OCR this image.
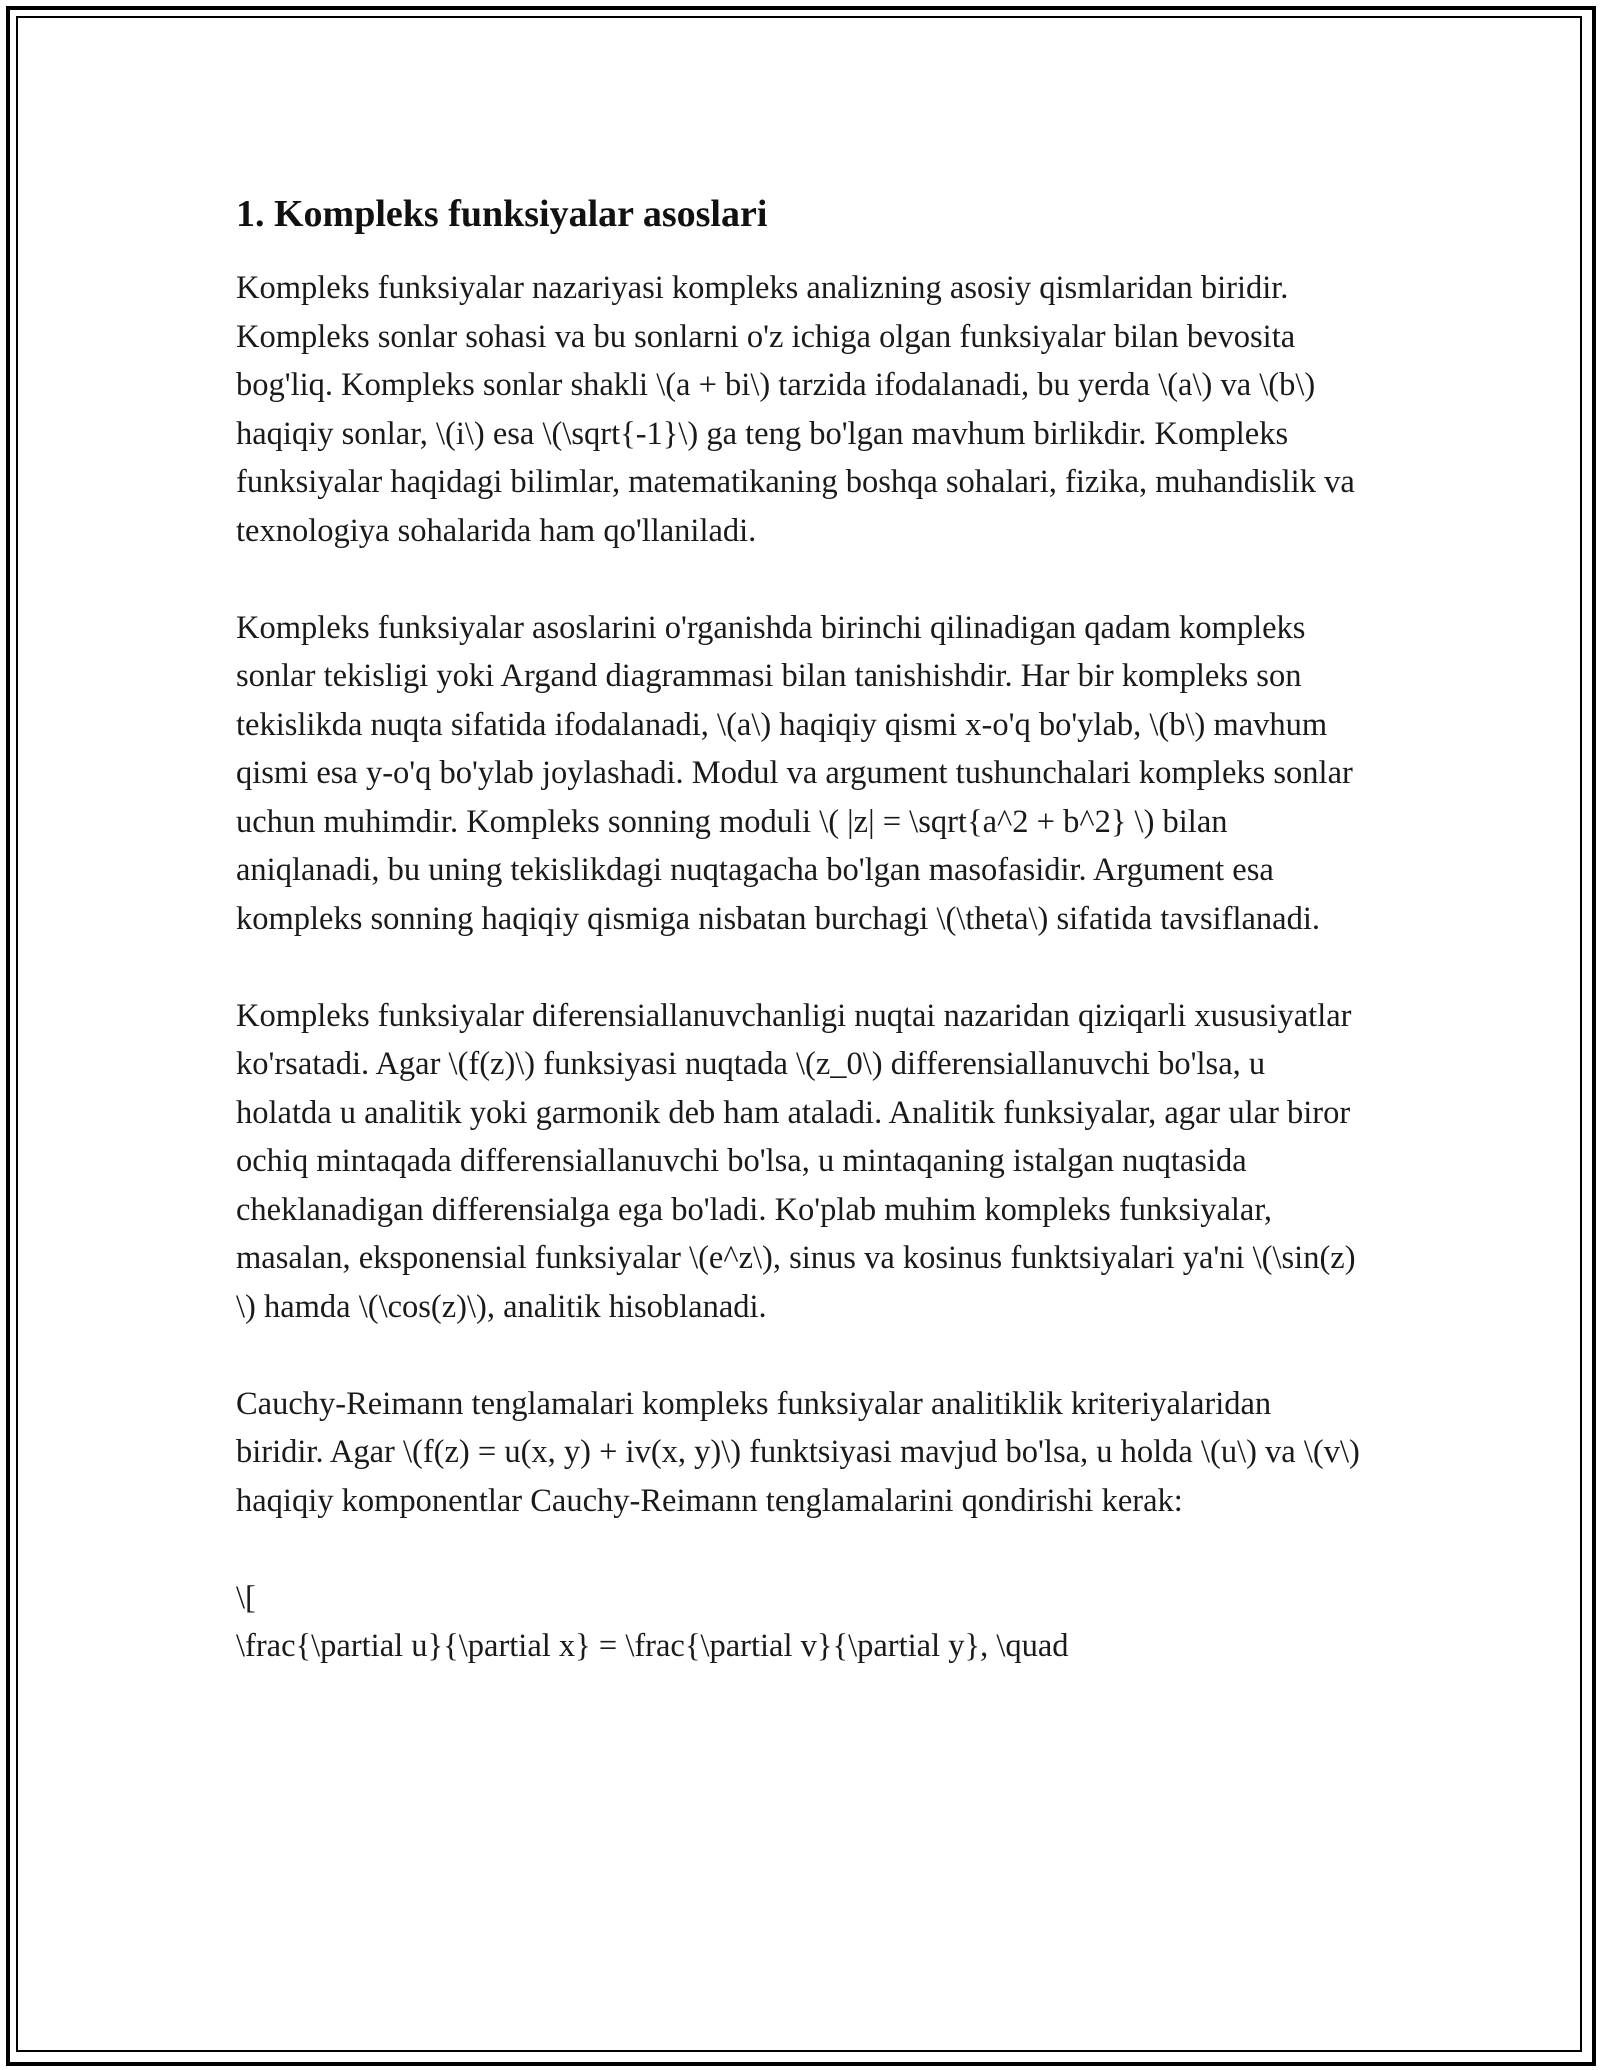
1. Kompleks funksiyalar asoslari

Kompleks funksiyalar nazariyasi kompleks analizning asosiy qismlaridan biridir. Kompleks sonlar sohasi va bu sonlarni o'z ichiga olgan funksiyalar bilan bevosita bog'liq. Kompleks sonlar shakli \(a + bi\) tarzida ifodalanadi, bu yerda \(a\) va \(b\) haqiqiy sonlar, \(i\) esa \(\sqrt{-1}\) ga teng bo'lgan mavhum birlikdir. Kompleks funksiyalar haqidagi bilimlar, matematikaning boshqa sohalari, fizika, muhandislik va texnologiya sohalarida ham qo'llaniladi.

Kompleks funksiyalar asoslarini o'rganishda birinchi qilinadigan qadam kompleks sonlar tekisligi yoki Argand diagrammasi bilan tanishishdir. Har bir kompleks son tekislikda nuqta sifatida ifodalanadi, \(a\) haqiqiy qismi x-o'q bo'ylab, \(b\) mavhum qismi esa y-o'q bo'ylab joylashadi. Modul va argument tushunchalari kompleks sonlar uchun muhimdir. Kompleks sonning moduli \( |z| = \sqrt{a^2 + b^2} \) bilan aniqlanadi, bu uning tekislikdagi nuqtagacha bo'lgan masofasidir. Argument esa kompleks sonning haqiqiy qismiga nisbatan burchagi \(\theta\) sifatida tavsiflanadi.

Kompleks funksiyalar diferensiallanuvchanligi nuqtai nazaridan qiziqarli xususiyatlar ko'rsatadi. Agar \(f(z)\) funksiyasi nuqtada \(z_0\) differensiallanuvchi bo'lsa, u holatda u analitik yoki garmonik deb ham ataladi. Analitik funksiyalar, agar ular biror ochiq mintaqada differensiallanuvchi bo'lsa, u mintaqaning istalgan nuqtasida cheklanadigan differensialga ega bo'ladi. Ko'plab muhim kompleks funksiyalar, masalan, eksponensial funksiyalar \(e^z\), sinus va kosinus funktsiyalari ya'ni \(\sin(z) \) hamda \(\cos(z)\), analitik hisoblanadi.

Cauchy-Reimann tenglamalari kompleks funksiyalar analitiklik kriteriyalaridan biridir. Agar \(f(z) = u(x, y) + iv(x, y)\) funktsiyasi mavjud bo'lsa, u holda \(u\) va \(v\) haqiqiy komponentlar Cauchy-Reimann tenglamalarini qondirishi kerak:

\[
\frac{\partial u}{\partial x} = \frac{\partial v}{\partial y}, \quad
